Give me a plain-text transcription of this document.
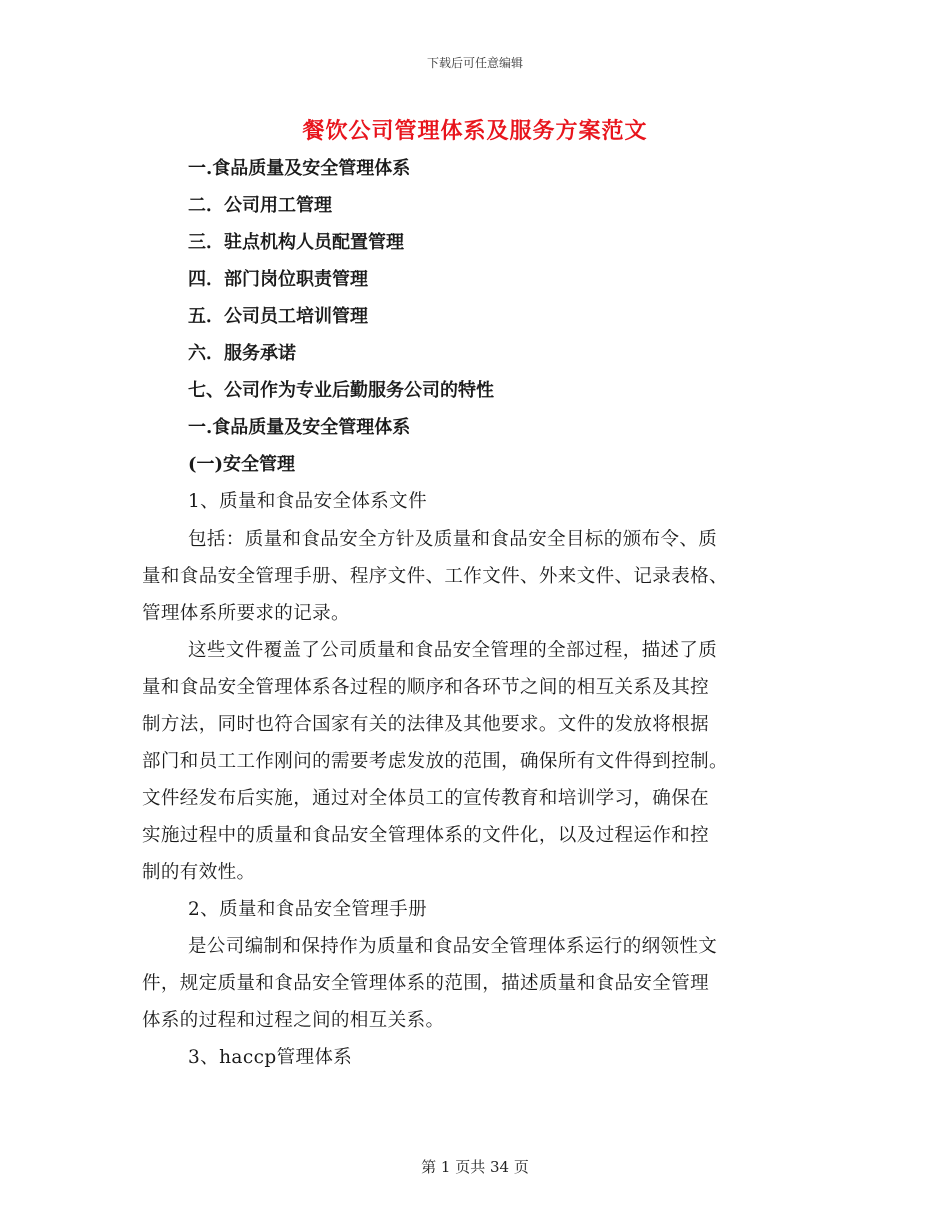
下载后可任意编辑
餐饮公司管理体系及服务方案范文
一.食品质量及安全管理体系
二．公司用工管理
三．驻点机构人员配置管理
四．部门岗位职责管理
五．公司员工培训管理
六．服务承诺
七、公司作为专业后勤服务公司的特性
一.食品质量及安全管理体系
(一)安全管理
1、质量和食品安全体系文件
包括：质量和食品安全方针及质量和食品安全目标的颁布令、质
量和食品安全管理手册、程序文件、工作文件、外来文件、记录表格、
管理体系所要求的记录。
这些文件覆盖了公司质量和食品安全管理的全部过程，描述了质
量和食品安全管理体系各过程的顺序和各环节之间的相互关系及其控
制方法，同时也符合国家有关的法律及其他要求。文件的发放将根据
部门和员工工作刚问的需要考虑发放的范围，确保所有文件得到控制。
文件经发布后实施，通过对全体员工的宣传教育和培训学习，确保在
实施过程中的质量和食品安全管理体系的文件化，以及过程运作和控
制的有效性。
2、质量和食品安全管理手册
是公司编制和保持作为质量和食品安全管理体系运行的纲领性文
件，规定质量和食品安全管理体系的范围，描述质量和食品安全管理
体系的过程和过程之间的相互关系。
3、haccp管理体系
第 1 页共 34 页
